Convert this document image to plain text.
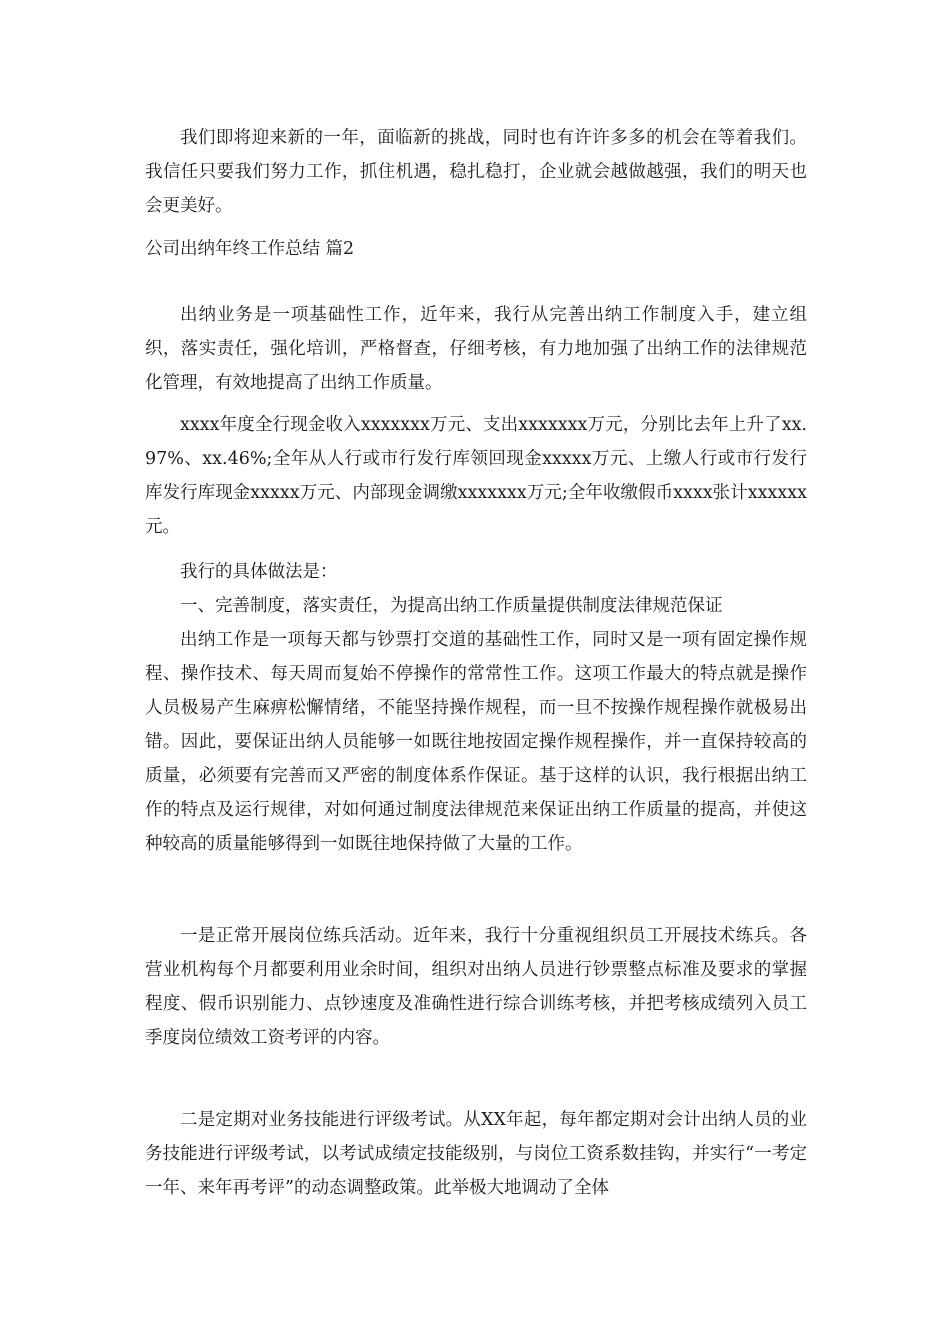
我们即将迎来新的一年，面临新的挑战，同时也有许许多多的机会在等着我们。我信任只要我们努力工作，抓住机遇，稳扎稳打，企业就会越做越强，我们的明天也会更美好。

公司出纳年终工作总结 篇2

出纳业务是一项基础性工作，近年来，我行从完善出纳工作制度入手，建立组织，落实责任，强化培训，严格督查，仔细考核，有力地加强了出纳工作的法律规范化管理，有效地提高了出纳工作质量。

xxxx年度全行现金收入xxxxxxx万元、支出xxxxxxx万元，分别比去年上升了xx.97%、xx.46%;全年从人行或市行发行库领回现金xxxxx万元、上缴人行或市行发行库发行库现金xxxxx万元、内部现金调缴xxxxxxx万元;全年收缴假币xxxx张计xxxxxx元。

我行的具体做法是：

一、完善制度，落实责任，为提高出纳工作质量提供制度法律规范保证

出纳工作是一项每天都与钞票打交道的基础性工作，同时又是一项有固定操作规程、操作技术、每天周而复始不停操作的常常性工作。这项工作最大的特点就是操作人员极易产生麻痹松懈情绪，不能坚持操作规程，而一旦不按操作规程操作就极易出错。因此，要保证出纳人员能够一如既往地按固定操作规程操作，并一直保持较高的质量，必须要有完善而又严密的制度体系作保证。基于这样的认识，我行根据出纳工作的特点及运行规律，对如何通过制度法律规范来保证出纳工作质量的提高，并使这种较高的质量能够得到一如既往地保持做了大量的工作。

一是正常开展岗位练兵活动。近年来，我行十分重视组织员工开展技术练兵。各营业机构每个月都要利用业余时间，组织对出纳人员进行钞票整点标准及要求的掌握程度、假币识别能力、点钞速度及准确性进行综合训练考核，并把考核成绩列入员工季度岗位绩效工资考评的内容。

二是定期对业务技能进行评级考试。从XX年起，每年都定期对会计出纳人员的业务技能进行评级考试，以考试成绩定技能级别，与岗位工资系数挂钩，并实行“一考定一年、来年再考评”的动态调整政策。此举极大地调动了全体
